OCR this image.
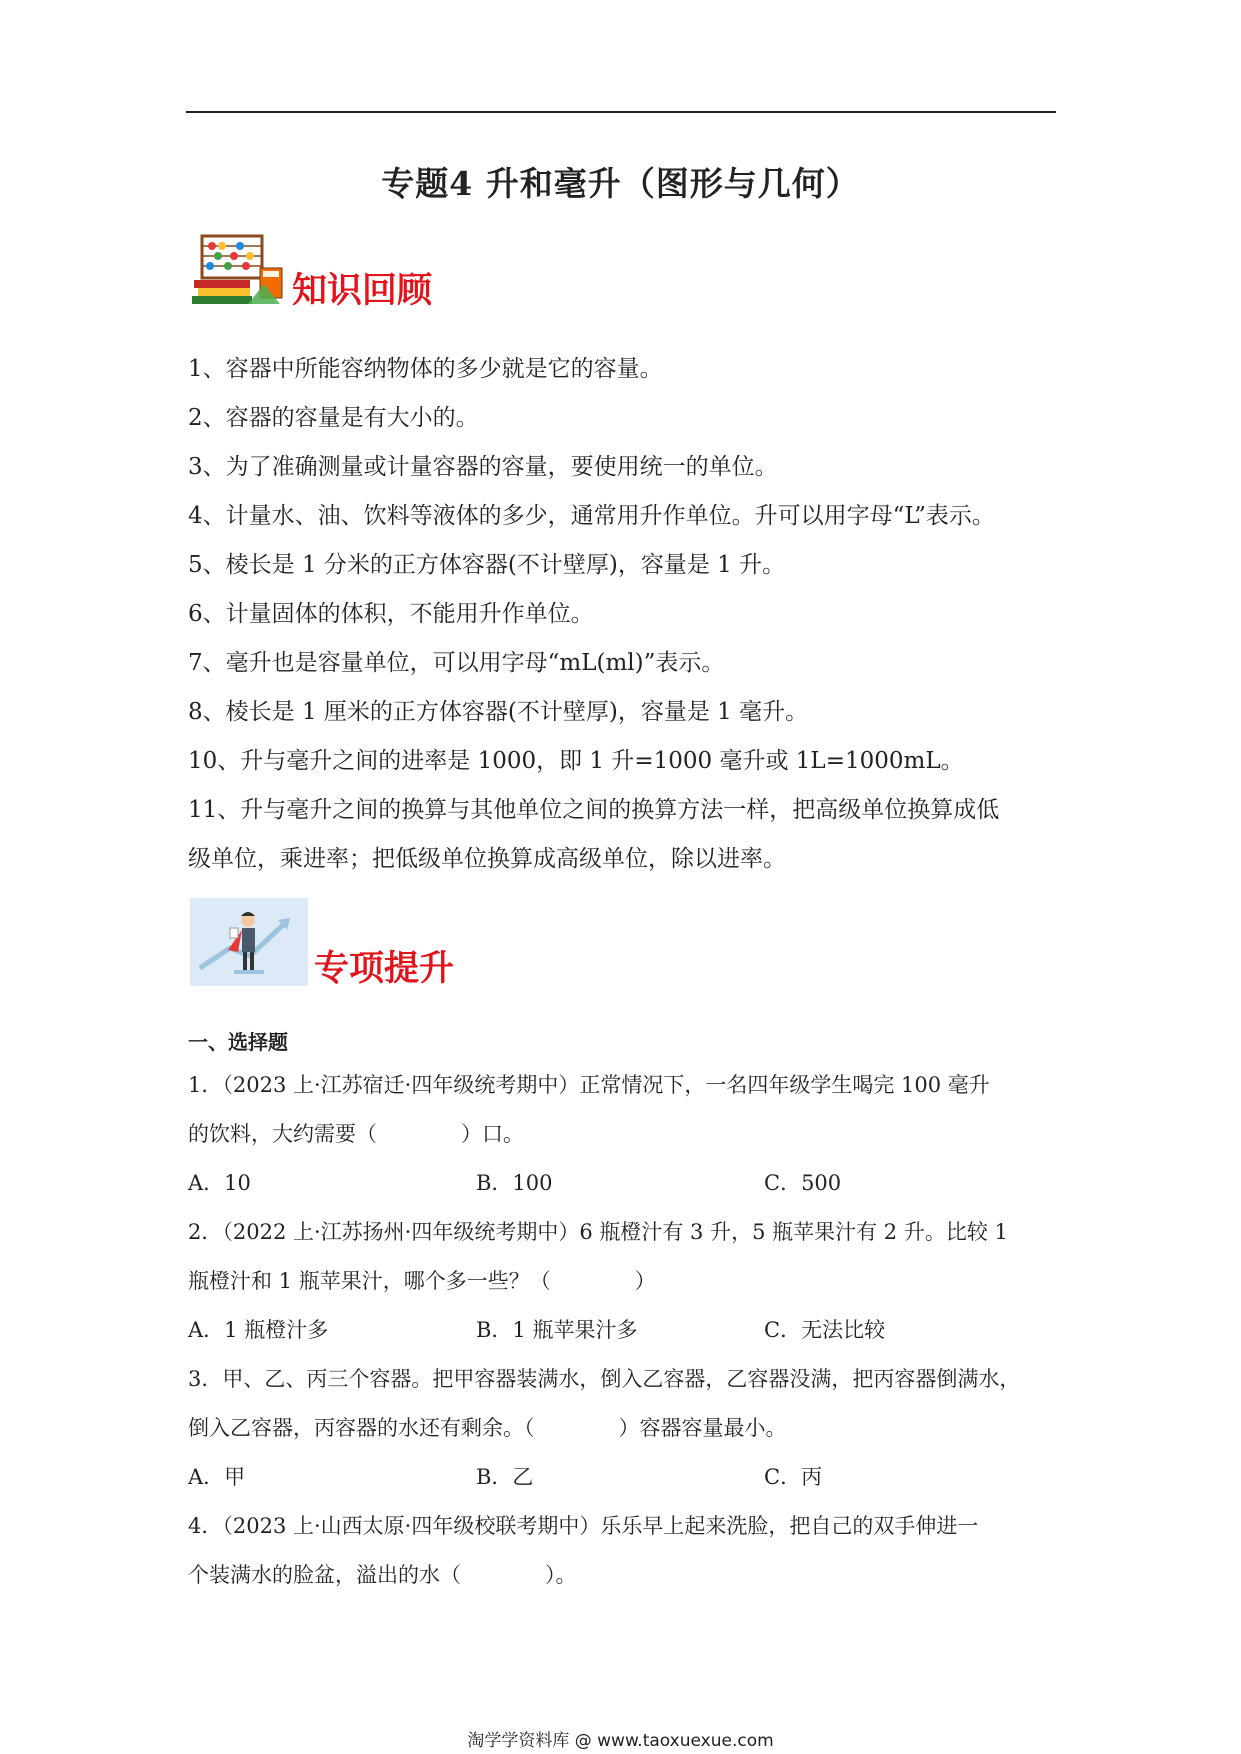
专题4 升和毫升（图形与几何）
知识回顾
1、容器中所能容纳物体的多少就是它的容量。
2、容器的容量是有大小的。
3、为了准确测量或计量容器的容量，要使用统一的单位。
4、计量水、油、饮料等液体的多少，通常用升作单位。升可以用字母“L”表示。
5、棱长是 1 分米的正方体容器(不计壁厚)，容量是 1 升。
6、计量固体的体积，不能用升作单位。
7、毫升也是容量单位，可以用字母“mL(ml)”表示。
8、棱长是 1 厘米的正方体容器(不计壁厚)，容量是 1 毫升。
10、升与毫升之间的进率是 1000，即 1 升=1000 毫升或 1L=1000mL。
11、升与毫升之间的换算与其他单位之间的换算方法一样，把高级单位换算成低
级单位，乘进率；把低级单位换算成高级单位，除以进率。
专项提升
一、选择题
1．（2023 上·江苏宿迁·四年级统考期中）正常情况下，一名四年级学生喝完 100 毫升
的饮料，大约需要（　　　　）口。
A．10	B．100	C．500
2．（2022 上·江苏扬州·四年级统考期中）6 瓶橙汁有 3 升，5 瓶苹果汁有 2 升。比较 1
瓶橙汁和 1 瓶苹果汁，哪个多一些？（　　　　）
A．1 瓶橙汁多	B．1 瓶苹果汁多	C．无法比较
3．甲、乙、丙三个容器。把甲容器装满水，倒入乙容器，乙容器没满，把丙容器倒满水，
倒入乙容器，丙容器的水还有剩余。（　　　　）容器容量最小。
A．甲	B．乙	C．丙
4．（2023 上·山西太原·四年级校联考期中）乐乐早上起来洗脸，把自己的双手伸进一
个装满水的脸盆，溢出的水（　　　　）。
淘学学资料库 @ www.taoxuexue.com
